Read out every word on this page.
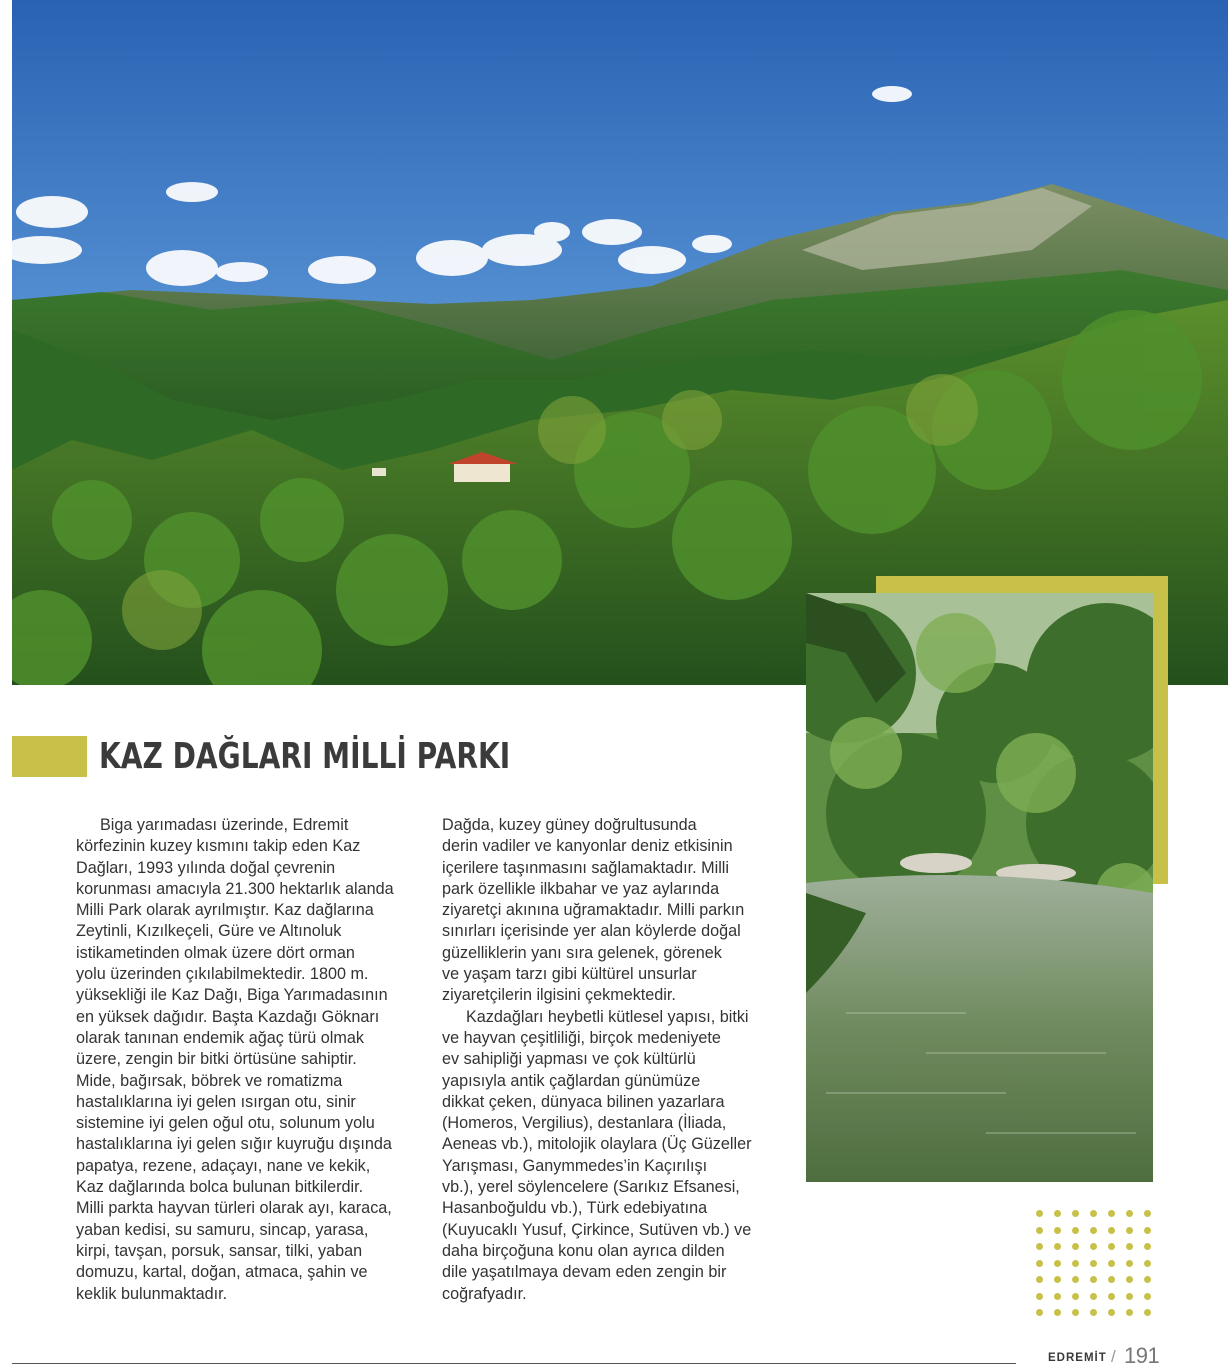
KAZ DAĞLARI MİLLİ PARKI

Biga yarımadası üzerinde, Edremit
körfezinin kuzey kısmını takip eden Kaz
Dağları, 1993 yılında doğal çevrenin
korunması amacıyla 21.300 hektarlık alanda
Milli Park olarak ayrılmıştır. Kaz dağlarına
Zeytinli, Kızılkeçeli, Güre ve Altınoluk
istikametinden olmak üzere dört orman
yolu üzerinden çıkılabilmektedir. 1800 m.
yüksekliği ile Kaz Dağı, Biga Yarımadasının
en yüksek dağıdır. Başta Kazdağı Göknarı
olarak tanınan endemik ağaç türü olmak
üzere, zengin bir bitki örtüsüne sahiptir.
Mide, bağırsak, böbrek ve romatizma
hastalıklarına iyi gelen ısırgan otu, sinir
sistemine iyi gelen oğul otu, solunum yolu
hastalıklarına iyi gelen sığır kuyruğu dışında
papatya, rezene, adaçayı, nane ve kekik,
Kaz dağlarında bolca bulunan bitkilerdir.
Milli parkta hayvan türleri olarak ayı, karaca,
yaban kedisi, su samuru, sincap, yarasa,
kirpi, tavşan, porsuk, sansar, tilki, yaban
domuzu, kartal, doğan, atmaca, şahin ve
keklik bulunmaktadır.

Dağda, kuzey güney doğrultusunda
derin vadiler ve kanyonlar deniz etkisinin
içerilere taşınmasını sağlamaktadır. Milli
park özellikle ilkbahar ve yaz aylarında
ziyaretçi akınına uğramaktadır. Milli parkın
sınırları içerisinde yer alan köylerde doğal
güzelliklerin yanı sıra gelenek, görenek
ve yaşam tarzı gibi kültürel unsurlar
ziyaretçilerin ilgisini çekmektedir.

Kazdağları heybetli kütlesel yapısı, bitki
ve hayvan çeşitliliği, birçok medeniyete
ev sahipliği yapması ve çok kültürlü
yapısıyla antik çağlardan günümüze
dikkat çeken, dünyaca bilinen yazarlara
(Homeros, Vergilius), destanlara (İliada,
Aeneas vb.), mitolojik olaylara (Üç Güzeller
Yarışması, Ganymmedes’in Kaçırılışı
vb.), yerel söylencelere (Sarıkız Efsanesi,
Hasanboğuldu vb.), Türk edebiyatına
(Kuyucaklı Yusuf, Çirkince, Sutüven vb.) ve
daha birçoğuna konu olan ayrıca dilden
dile yaşatılmaya devam eden zengin bir
coğrafyadır.

EDREMİT / 191
